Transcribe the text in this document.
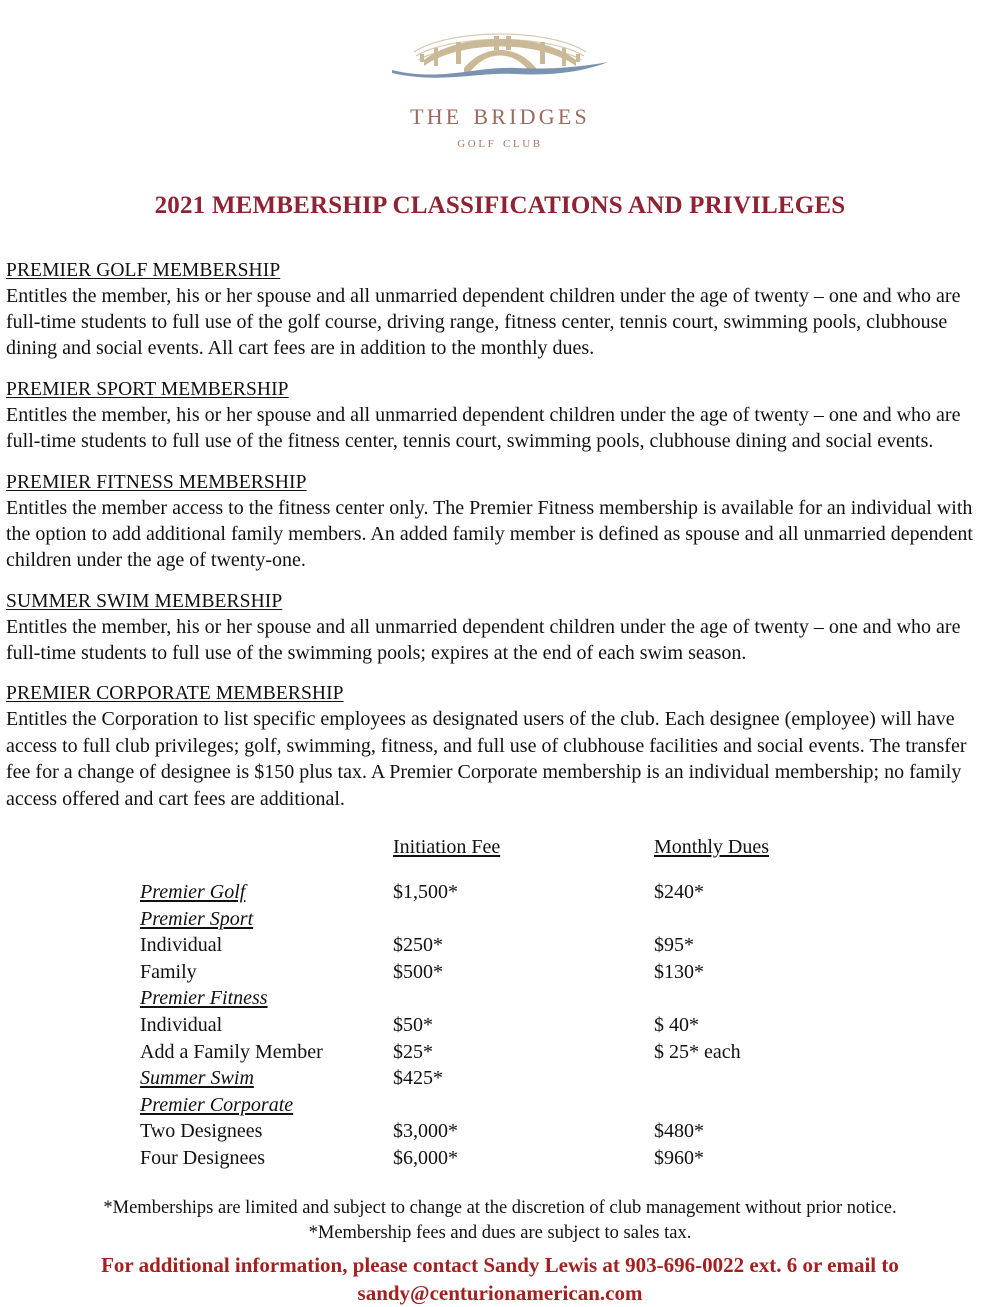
the bridges
golf club
2021 MEMBERSHIP CLASSIFICATIONS AND PRIVILEGES
PREMIER GOLF MEMBERSHIP
Entitles the member, his or her spouse and all unmarried dependent children under the age of twenty – one and who are full-time students to full use of the golf course, driving range, fitness center, tennis court, swimming pools, clubhouse dining and social events. All cart fees are in addition to the monthly dues.
PREMIER SPORT MEMBERSHIP
Entitles the member, his or her spouse and all unmarried dependent children under the age of twenty – one and who are full-time students to full use of the fitness center, tennis court, swimming pools, clubhouse dining and social events.
PREMIER FITNESS MEMBERSHIP
Entitles the member access to the fitness center only. The Premier Fitness membership is available for an individual with the option to add additional family members. An added family member is defined as spouse and all unmarried dependent children under the age of twenty-one.
SUMMER SWIM MEMBERSHIP
Entitles the member, his or her spouse and all unmarried dependent children under the age of twenty – one and who are full-time students to full use of the swimming pools; expires at the end of each swim season.
PREMIER CORPORATE MEMBERSHIP
Entitles the Corporation to list specific employees as designated users of the club. Each designee (employee) will have access to full club privileges; golf, swimming, fitness, and full use of clubhouse facilities and social events. The transfer fee for a change of designee is $150 plus tax. A Premier Corporate membership is an individual membership; no family access offered and cart fees are additional.
	Initiation Fee	Monthly Dues
Premier Golf	$1,500*	$240*
Premier Sport		
Individual	$250*	$95*
Family	$500*	$130*
Premier Fitness		
Individual	$50*	$ 40*
Add a Family Member	$25*	$ 25* each
Summer Swim	$425*	
Premier Corporate		
Two Designees	$3,000*	$480*
Four Designees	$6,000*	$960*
*Memberships are limited and subject to change at the discretion of club management without prior notice.
*Membership fees and dues are subject to sales tax.
For additional information, please contact Sandy Lewis at 903-696-0022 ext. 6 or email to
sandy@centurionamerican.com
